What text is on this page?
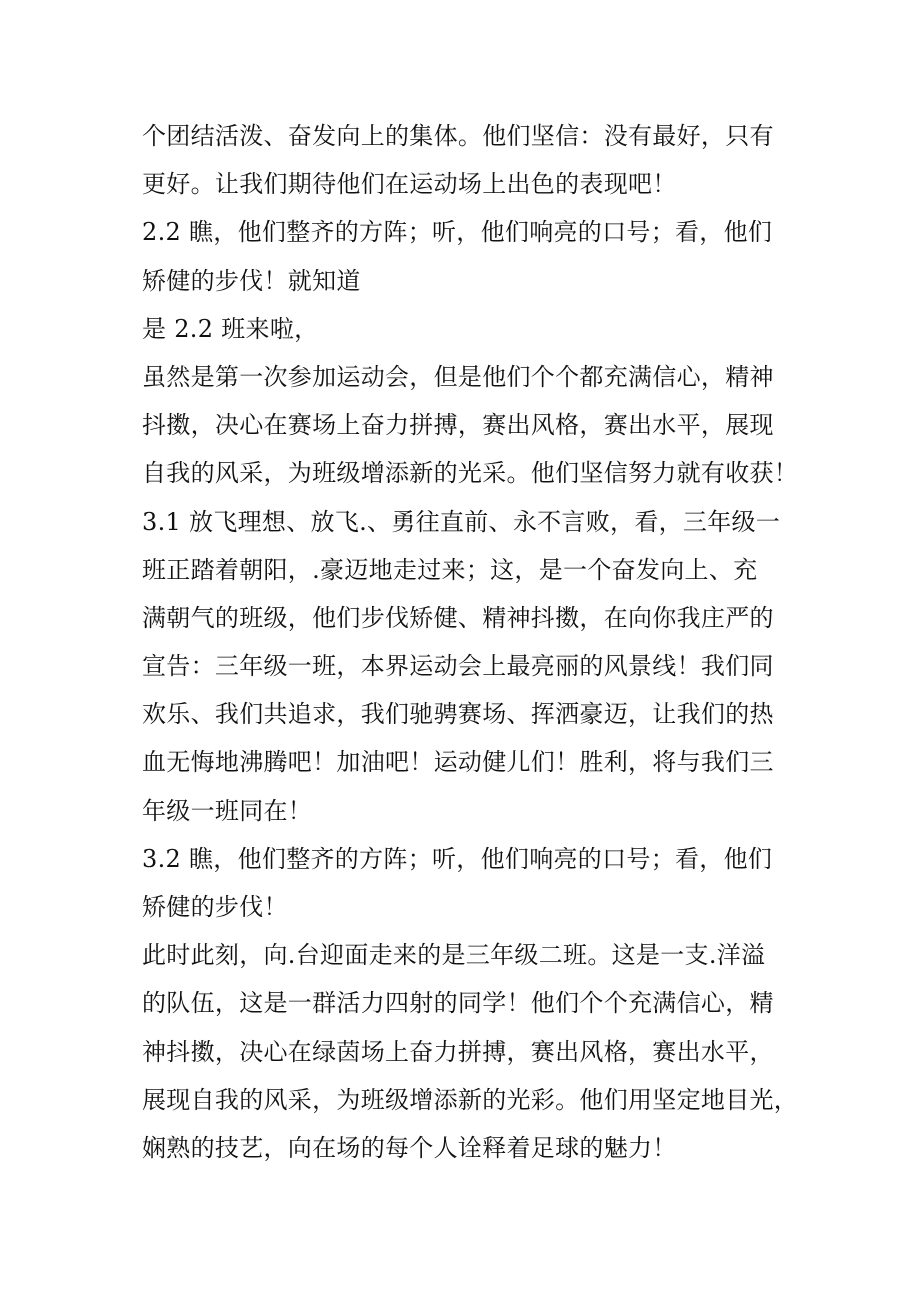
个团结活泼、奋发向上的集体。他们坚信：没有最好，只有
更好。让我们期待他们在运动场上出色的表现吧！
2.2 瞧，他们整齐的方阵；听，他们响亮的口号；看，他们
矫健的步伐！就知道
是 2.2 班来啦，
虽然是第一次参加运动会，但是他们个个都充满信心，精神
抖擞，决心在赛场上奋力拼搏，赛出风格，赛出水平，展现
自我的风采，为班级增添新的光采。他们坚信努力就有收获！
3.1 放飞理想、放飞.、勇往直前、永不言败，看，三年级一
班正踏着朝阳，.豪迈地走过来；这，是一个奋发向上、充
满朝气的班级，他们步伐矫健、精神抖擞，在向你我庄严的
宣告：三年级一班，本界运动会上最亮丽的风景线！我们同
欢乐、我们共追求，我们驰骋赛场、挥洒豪迈，让我们的热
血无悔地沸腾吧！加油吧！运动健儿们！胜利，将与我们三
年级一班同在！
3.2 瞧，他们整齐的方阵；听，他们响亮的口号；看，他们
矫健的步伐！
此时此刻，向.台迎面走来的是三年级二班。这是一支.洋溢
的队伍，这是一群活力四射的同学！他们个个充满信心，精
神抖擞，决心在绿茵场上奋力拼搏，赛出风格，赛出水平，
展现自我的风采，为班级增添新的光彩。他们用坚定地目光，
娴熟的技艺，向在场的每个人诠释着足球的魅力！
